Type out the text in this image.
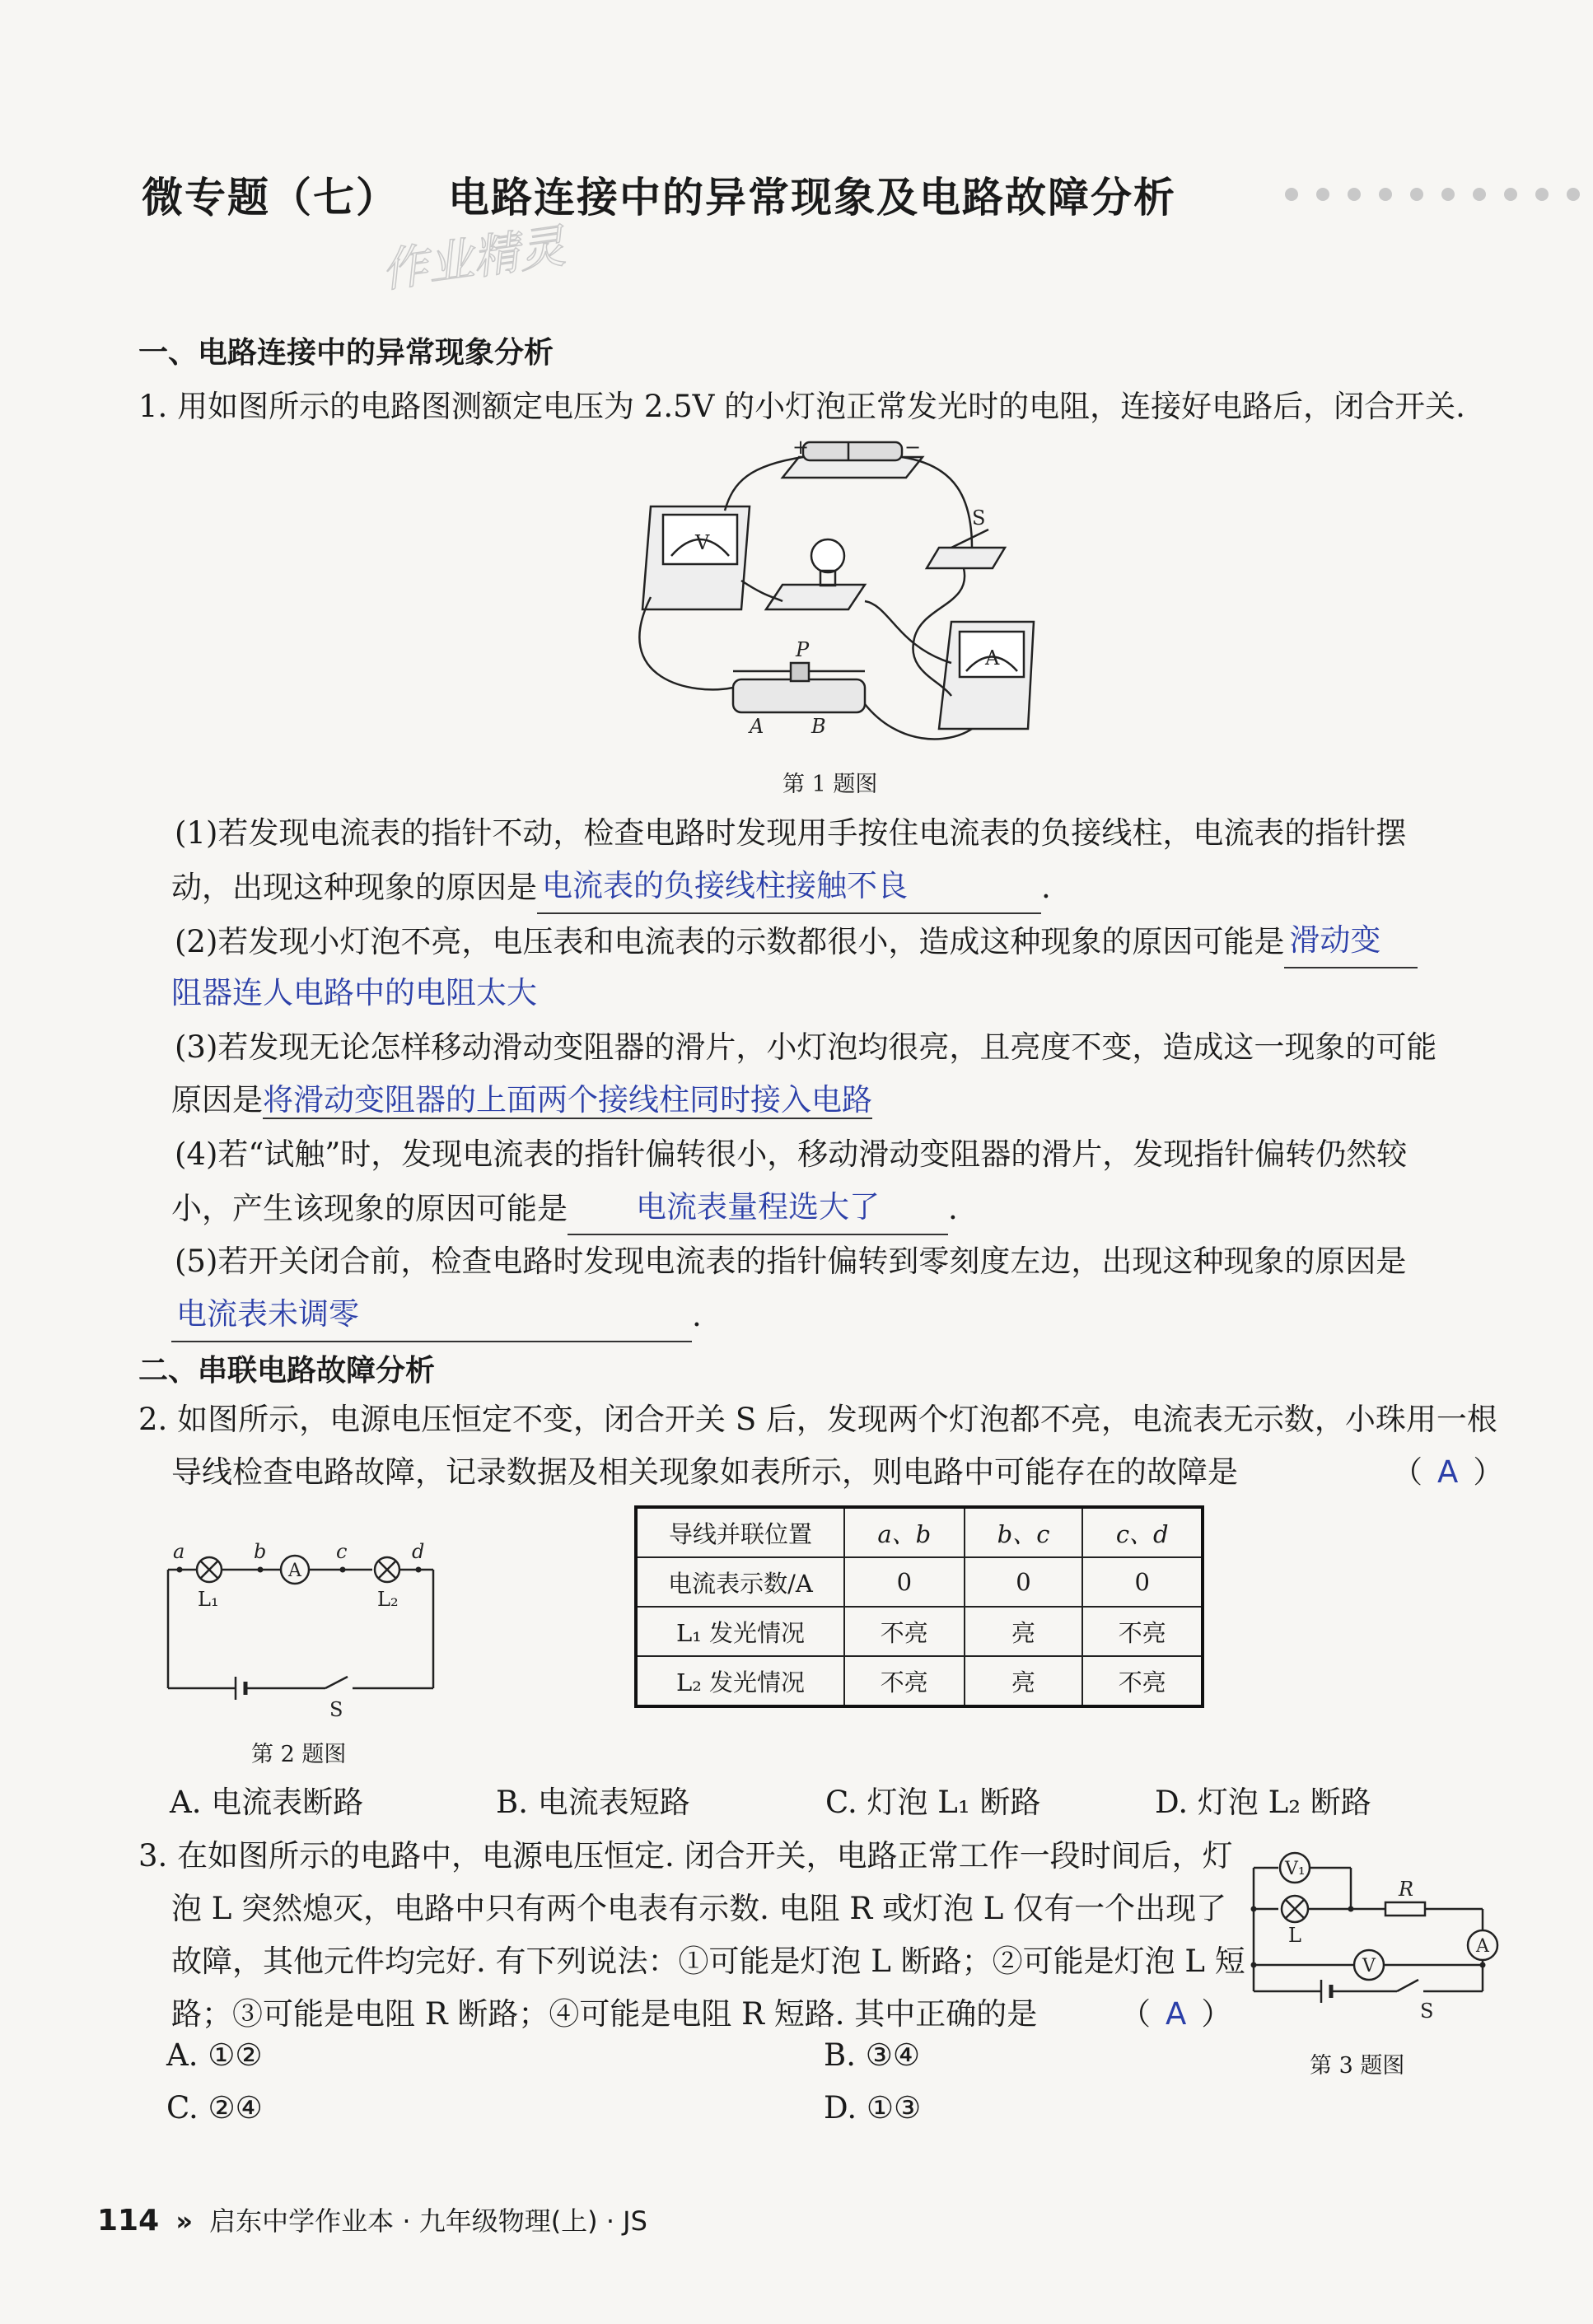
微专题（七） 电路连接中的异常现象及电路故障分析
作业精灵
一、电路连接中的异常现象分析
1. 用如图所示的电路图测额定电压为 2.5V 的小灯泡正常发光时的电阻，连接好电路后，闭合开关.
+	−
S
V
A
P
A B
第 1 题图
(1)若发现电流表的指针不动，检查电路时发现用手按住电流表的负接线柱，电流表的指针摆
动，出现这种现象的原因是 电流表的负接线柱接触不良	.
(2)若发现小灯泡不亮，电压表和电流表的示数都很小，造成这种现象的原因可能是 滑动变
阻器连人电路中的电阻太大
(3)若发现无论怎样移动滑动变阻器的滑片，小灯泡均很亮，且亮度不变，造成这一现象的可能
原因是将滑动变阻器的上面两个接线柱同时接入电路
(4)若“试触”时，发现电流表的指针偏转很小，移动滑动变阻器的滑片，发现指针偏转仍然较
小，产生该现象的原因可能是 电流表量程选大了 .
(5)若开关闭合前，检查电路时发现电流表的指针偏转到零刻度左边，出现这种现象的原因是
电流表未调零	.
二、串联电路故障分析
2. 如图所示，电源电压恒定不变，闭合开关 S 后，发现两个灯泡都不亮，电流表无示数，小珠用一根
导线检查电路故障，记录数据及相关现象如表所示，则电路中可能存在的故障是	（ A ）
a	b	c	d
L₁	L₂
A
S
第 2 题图
导线并联位置	a、b	b、c	c、d
电流表示数/A	0	0	0
L₁ 发光情况	不亮	亮	不亮
L₂ 发光情况	不亮	亮	不亮
A. 电流表断路	B. 电流表短路	C. 灯泡 L₁ 断路	D. 灯泡 L₂ 断路
3. 在如图所示的电路中，电源电压恒定. 闭合开关，电路正常工作一段时间后，灯
泡 L 突然熄灭，电路中只有两个电表有示数. 电阻 R 或灯泡 L 仅有一个出现了
故障，其他元件均完好. 有下列说法：①可能是灯泡 L 断路；②可能是灯泡 L 短
路；③可能是电阻 R 断路；④可能是电阻 R 短路. 其中正确的是	（ A ）
A. ①②	B. ③④
C. ②④	D. ①③
V₁
L
R
A
V
S
第 3 题图
114 » 启东中学作业本 · 九年级物理(上) · JS
